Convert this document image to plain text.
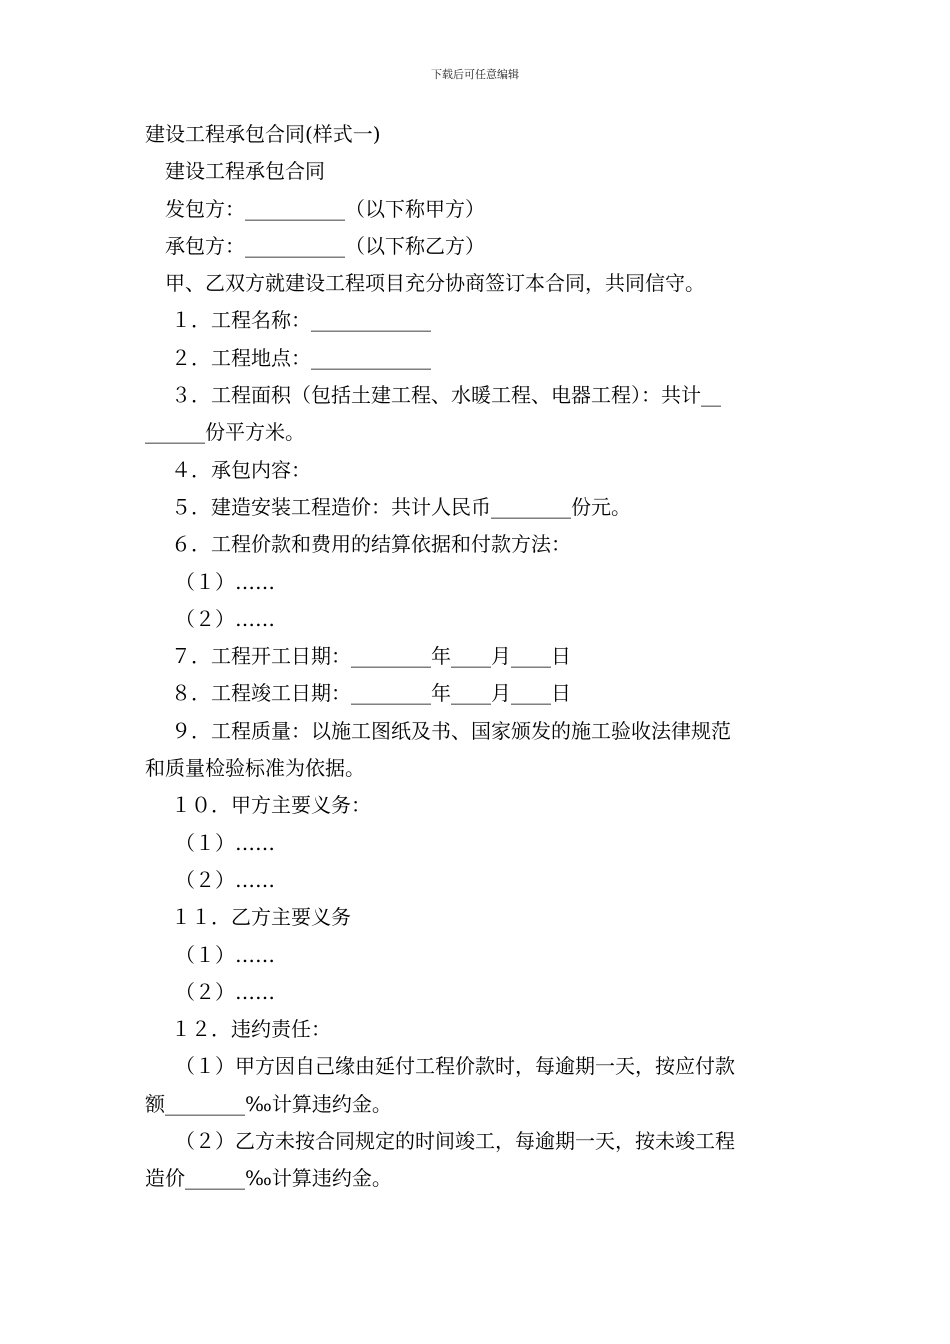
下载后可任意编辑
建设工程承包合同(样式一)
建设工程承包合同
发包方：__________（以下称甲方）
承包方：__________（以下称乙方）
甲、乙双方就建设工程项目充分协商签订本合同，共同信守。
１．工程名称：____________
２．工程地点：____________
３．工程面积（包括土建工程、水暖工程、电器工程）：共计__
______份平方米。
４．承包内容：
５．建造安装工程造价：共计人民币________份元。
６．工程价款和费用的结算依据和付款方法：
（１）……
（２）……
７．工程开工日期：________年____月____日
８．工程竣工日期：________年____月____日
９．工程质量：以施工图纸及书、国家颁发的施工验收法律规范
和质量检验标准为依据。
１０．甲方主要义务：
（１）……
（２）……
１１．乙方主要义务
（１）……
（２）……
１２．违约责任：
（１）甲方因自己缘由延付工程价款时，每逾期一天，按应付款
额________‰计算违约金。
（２）乙方未按合同规定的时间竣工，每逾期一天，按未竣工程
造价______‰计算违约金。
